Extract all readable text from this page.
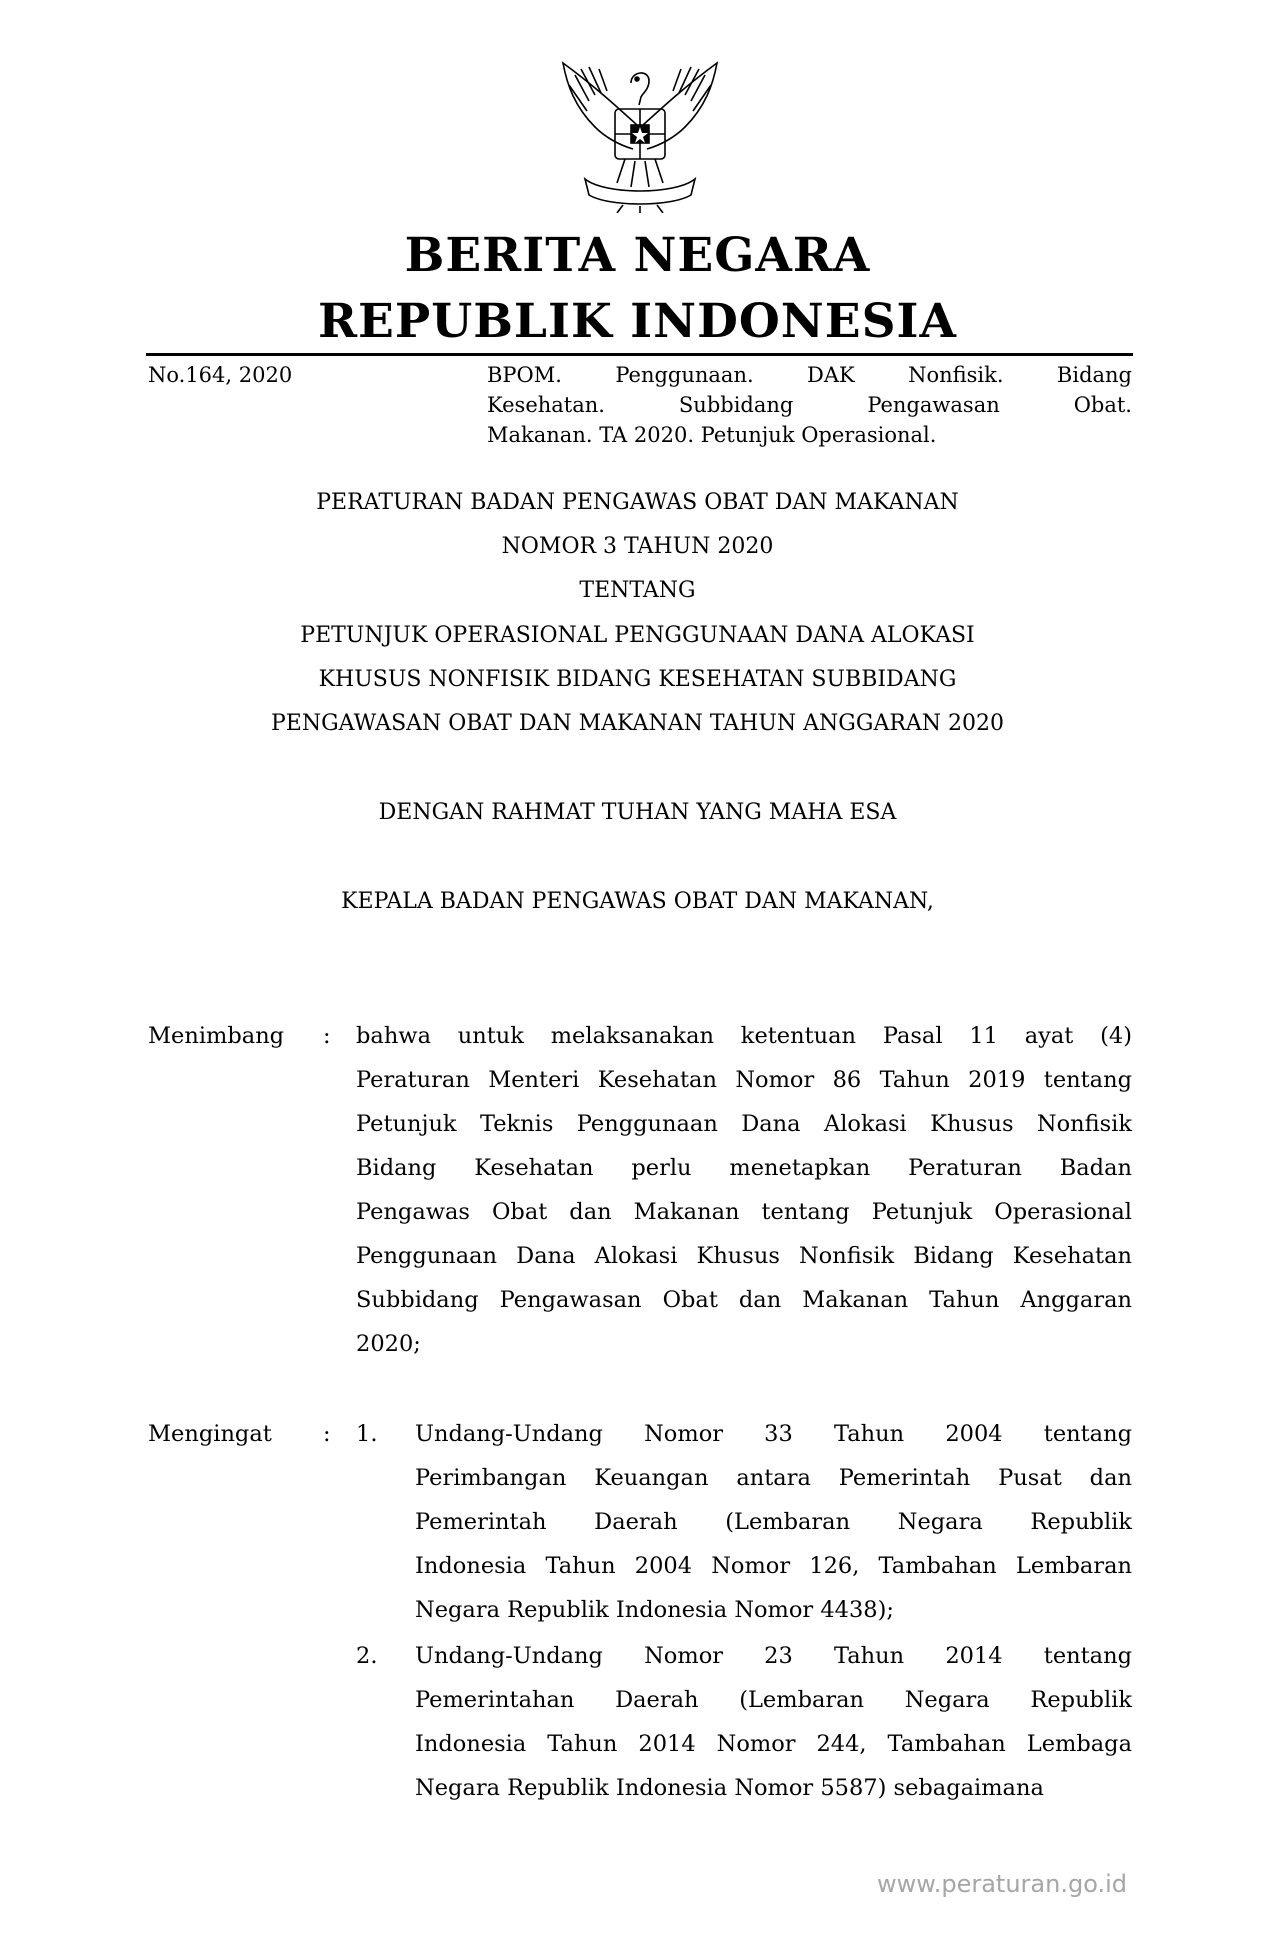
BERITA NEGARA
REPUBLIK INDONESIA
No.164, 2020	BPOM. Penggunaan. DAK Nonfisik. Bidang
Kesehatan. Subbidang Pengawasan Obat.
Makanan. TA 2020. Petunjuk Operasional.
PERATURAN BADAN PENGAWAS OBAT DAN MAKANAN
NOMOR 3 TAHUN 2020
TENTANG
PETUNJUK OPERASIONAL PENGGUNAAN DANA ALOKASI
KHUSUS NONFISIK BIDANG KESEHATAN SUBBIDANG
PENGAWASAN OBAT DAN MAKANAN TAHUN ANGGARAN 2020
DENGAN RAHMAT TUHAN YANG MAHA ESA
KEPALA BADAN PENGAWAS OBAT DAN MAKANAN,
Menimbang : bahwa untuk melaksanakan ketentuan Pasal 11 ayat (4)
Peraturan Menteri Kesehatan Nomor 86 Tahun 2019 tentang
Petunjuk Teknis Penggunaan Dana Alokasi Khusus Nonfisik
Bidang Kesehatan perlu menetapkan Peraturan Badan
Pengawas Obat dan Makanan tentang Petunjuk Operasional
Penggunaan Dana Alokasi Khusus Nonfisik Bidang Kesehatan
Subbidang Pengawasan Obat dan Makanan Tahun Anggaran
2020;
Mengingat : 1. Undang-Undang Nomor 33 Tahun 2004 tentang
Perimbangan Keuangan antara Pemerintah Pusat dan
Pemerintah Daerah (Lembaran Negara Republik
Indonesia Tahun 2004 Nomor 126, Tambahan Lembaran
Negara Republik Indonesia Nomor 4438);
2. Undang-Undang Nomor 23 Tahun 2014 tentang
Pemerintahan Daerah (Lembaran Negara Republik
Indonesia Tahun 2014 Nomor 244, Tambahan Lembaga
Negara Republik Indonesia Nomor 5587) sebagaimana
www.peraturan.go.id
